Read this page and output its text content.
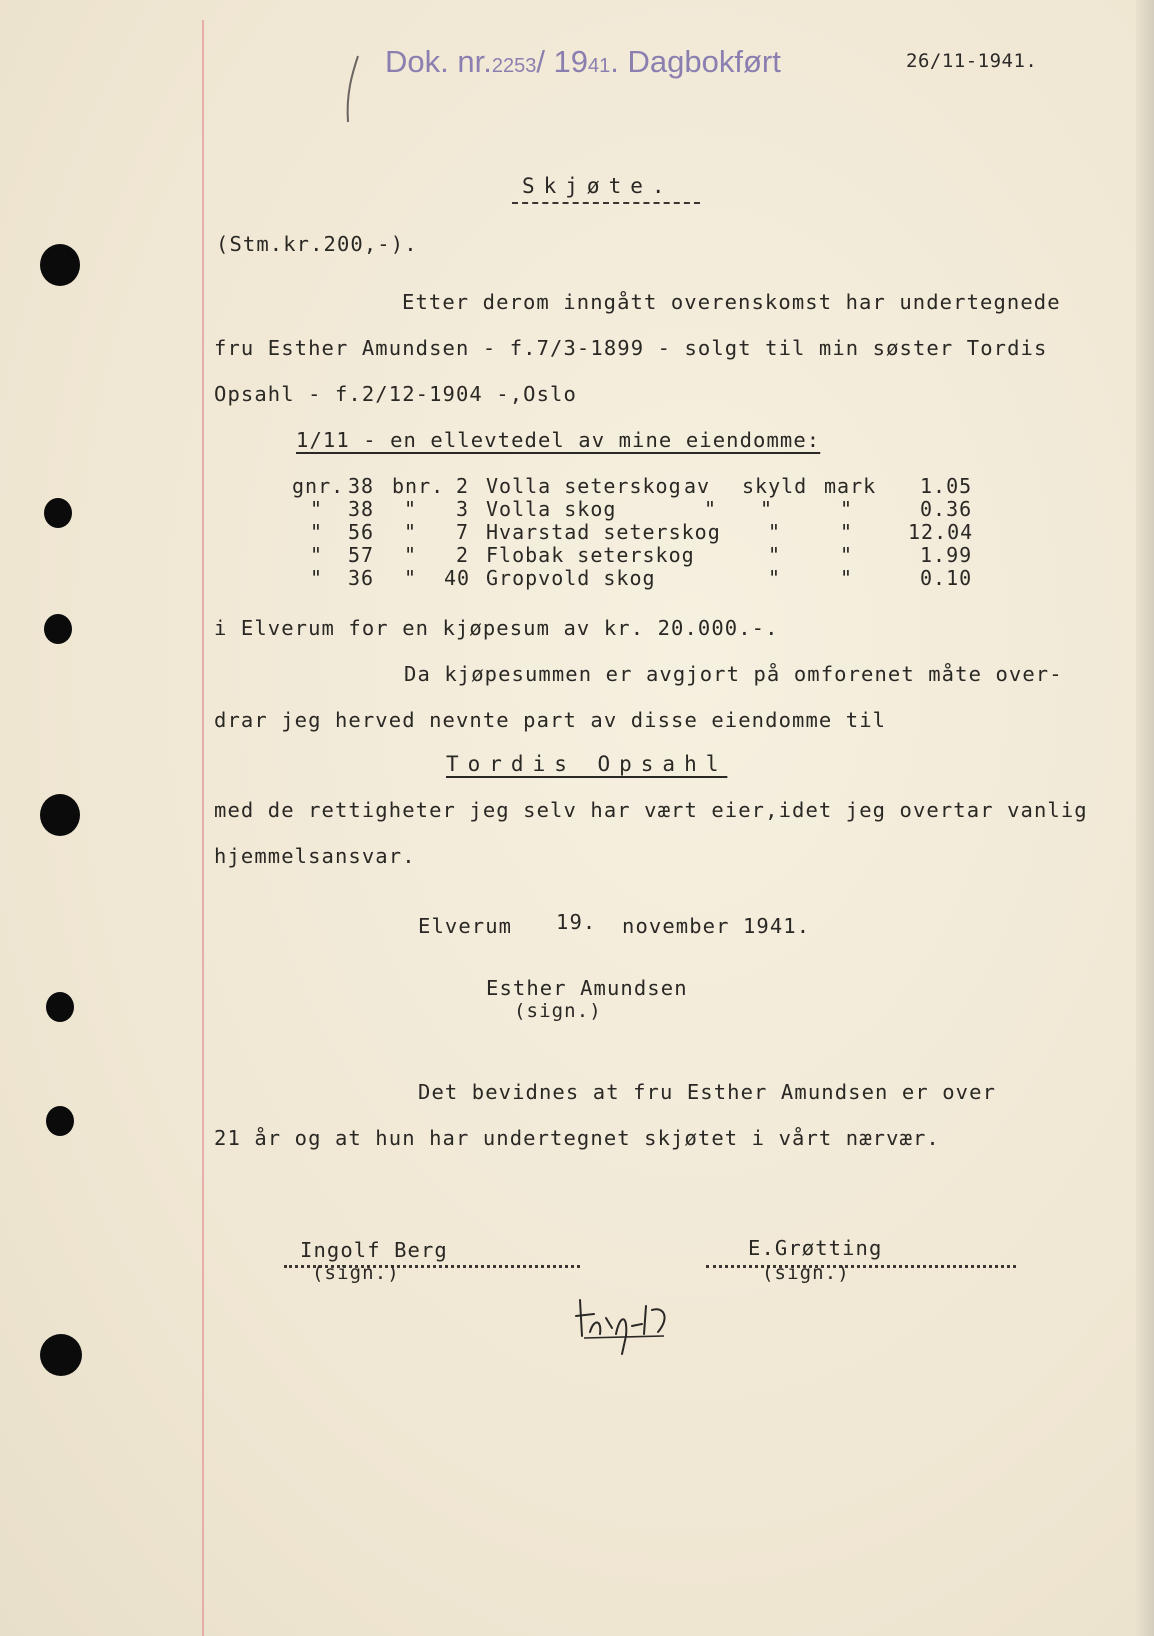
Dok. nr.2253/ 1941. Dagbokført	26/11-1941.
Skjøte.
(Stm.kr.200,-).
Etter derom inngått overenskomst har undertegnede
fru Esther Amundsen - f.7/3-1899 - solgt til min søster Tordis
Opsahl - f.2/12-1904 -,Oslo
1/11 - en ellevtedel av mine eiendomme:
gnr. 38 bnr. 2 Volla seterskog av skyld mark 1.05
" 38 " 3 Volla skog	" "	"	0.36
" 56 " 7 Hvarstad seterskog "	"	12.04
" 57 " 2 Flobak seterskog	"	"	1.99
" 36 " 40 Gropvold skog	"	"	0.10
i Elverum for en kjøpesum av kr. 20.000.-.
Da kjøpesummen er avgjort på omforenet måte over-
drar jeg herved nevnte part av disse eiendomme til
Tordis Opsahl
med de rettigheter jeg selv har vært eier,idet jeg overtar vanlig
hjemmelsansvar.
Elverum 19. november 1941.
Esther Amundsen
(sign.)
Det bevidnes at fru Esther Amundsen er over
21 år og at hun har undertegnet skjøtet i vårt nærvær.
Ingolf Berg
(sign.)
E.Grøtting
(sign.)
